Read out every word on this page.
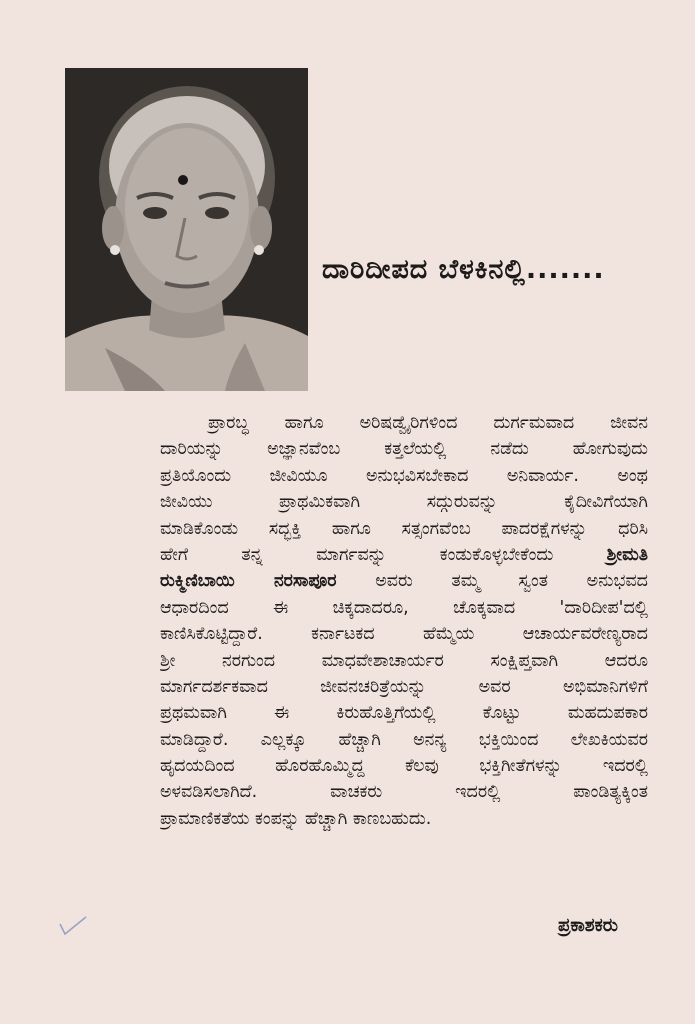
ದಾರಿದೀಪದ ಬೆಳಕಿನಲ್ಲಿ.......
ಪ್ರಾರಬ್ಧ ಹಾಗೂ ಅರಿಷಡ್ವೈರಿಗಳಿಂದ ದುರ್ಗಮವಾದ ಜೀವನ
ದಾರಿಯನ್ನು ಅಜ್ಞಾನವೆಂಬ ಕತ್ತಲೆಯಲ್ಲಿ ನಡೆದು ಹೋಗುವುದು
ಪ್ರತಿಯೊಂದು ಜೀವಿಯೂ ಅನುಭವಿಸಬೇಕಾದ ಅನಿವಾರ್ಯ. ಅಂಥ
ಜೀವಿಯು ಪ್ರಾಥಮಿಕವಾಗಿ ಸದ್ಗುರುವನ್ನು ಕೈದೀವಿಗೆಯಾಗಿ
ಮಾಡಿಕೊಂಡು ಸದ್ಭಕ್ತಿ ಹಾಗೂ ಸತ್ಸಂಗವೆಂಬ ಪಾದರಕ್ಷೆಗಳನ್ನು ಧರಿಸಿ
ಹೇಗೆ ತನ್ನ ಮಾರ್ಗವನ್ನು ಕಂಡುಕೊಳ್ಳಬೇಕೆಂದು ಶ್ರೀಮತಿ
ರುಕ್ಮಿಣಿಬಾಯಿ ನರಸಾಪೂರ ಅವರು ತಮ್ಮ ಸ್ವಂತ ಅನುಭವದ
ಆಧಾರದಿಂದ ಈ ಚಿಕ್ಕದಾದರೂ, ಚೊಕ್ಕವಾದ 'ದಾರಿದೀಪ'ದಲ್ಲಿ
ಕಾಣಿಸಿಕೊಟ್ಟಿದ್ದಾರೆ. ಕರ್ನಾಟಕದ ಹೆಮ್ಮೆಯ ಆಚಾರ್ಯವರೇಣ್ಯರಾದ
ಶ್ರೀ ನರಗುಂದ ಮಾಧವೇಶಾಚಾರ್ಯರ ಸಂಕ್ಷಿಪ್ತವಾಗಿ ಆದರೂ
ಮಾರ್ಗದರ್ಶಕವಾದ ಜೀವನಚರಿತ್ರೆಯನ್ನು ಅವರ ಅಭಿಮಾನಿಗಳಿಗೆ
ಪ್ರಥಮವಾಗಿ ಈ ಕಿರುಹೊತ್ತಿಗೆಯಲ್ಲಿ ಕೊಟ್ಟು ಮಹದುಪಕಾರ
ಮಾಡಿದ್ದಾರೆ. ಎಲ್ಲಕ್ಕೂ ಹೆಚ್ಚಾಗಿ ಅನನ್ಯ ಭಕ್ತಿಯಿಂದ ಲೇಖಕಿಯವರ
ಹೃದಯದಿಂದ ಹೊರಹೊಮ್ಮಿದ್ದ ಕೆಲವು ಭಕ್ತಿಗೀತೆಗಳನ್ನು ಇದರಲ್ಲಿ
ಅಳವಡಿಸಲಾಗಿದೆ. ವಾಚಕರು ಇದರಲ್ಲಿ ಪಾಂಡಿತ್ಯಕ್ಕಿಂತ
ಪ್ರಾಮಾಣಿಕತೆಯ ಕಂಪನ್ನು ಹೆಚ್ಚಾಗಿ ಕಾಣಬಹುದು.
ಪ್ರಕಾಶಕರು
